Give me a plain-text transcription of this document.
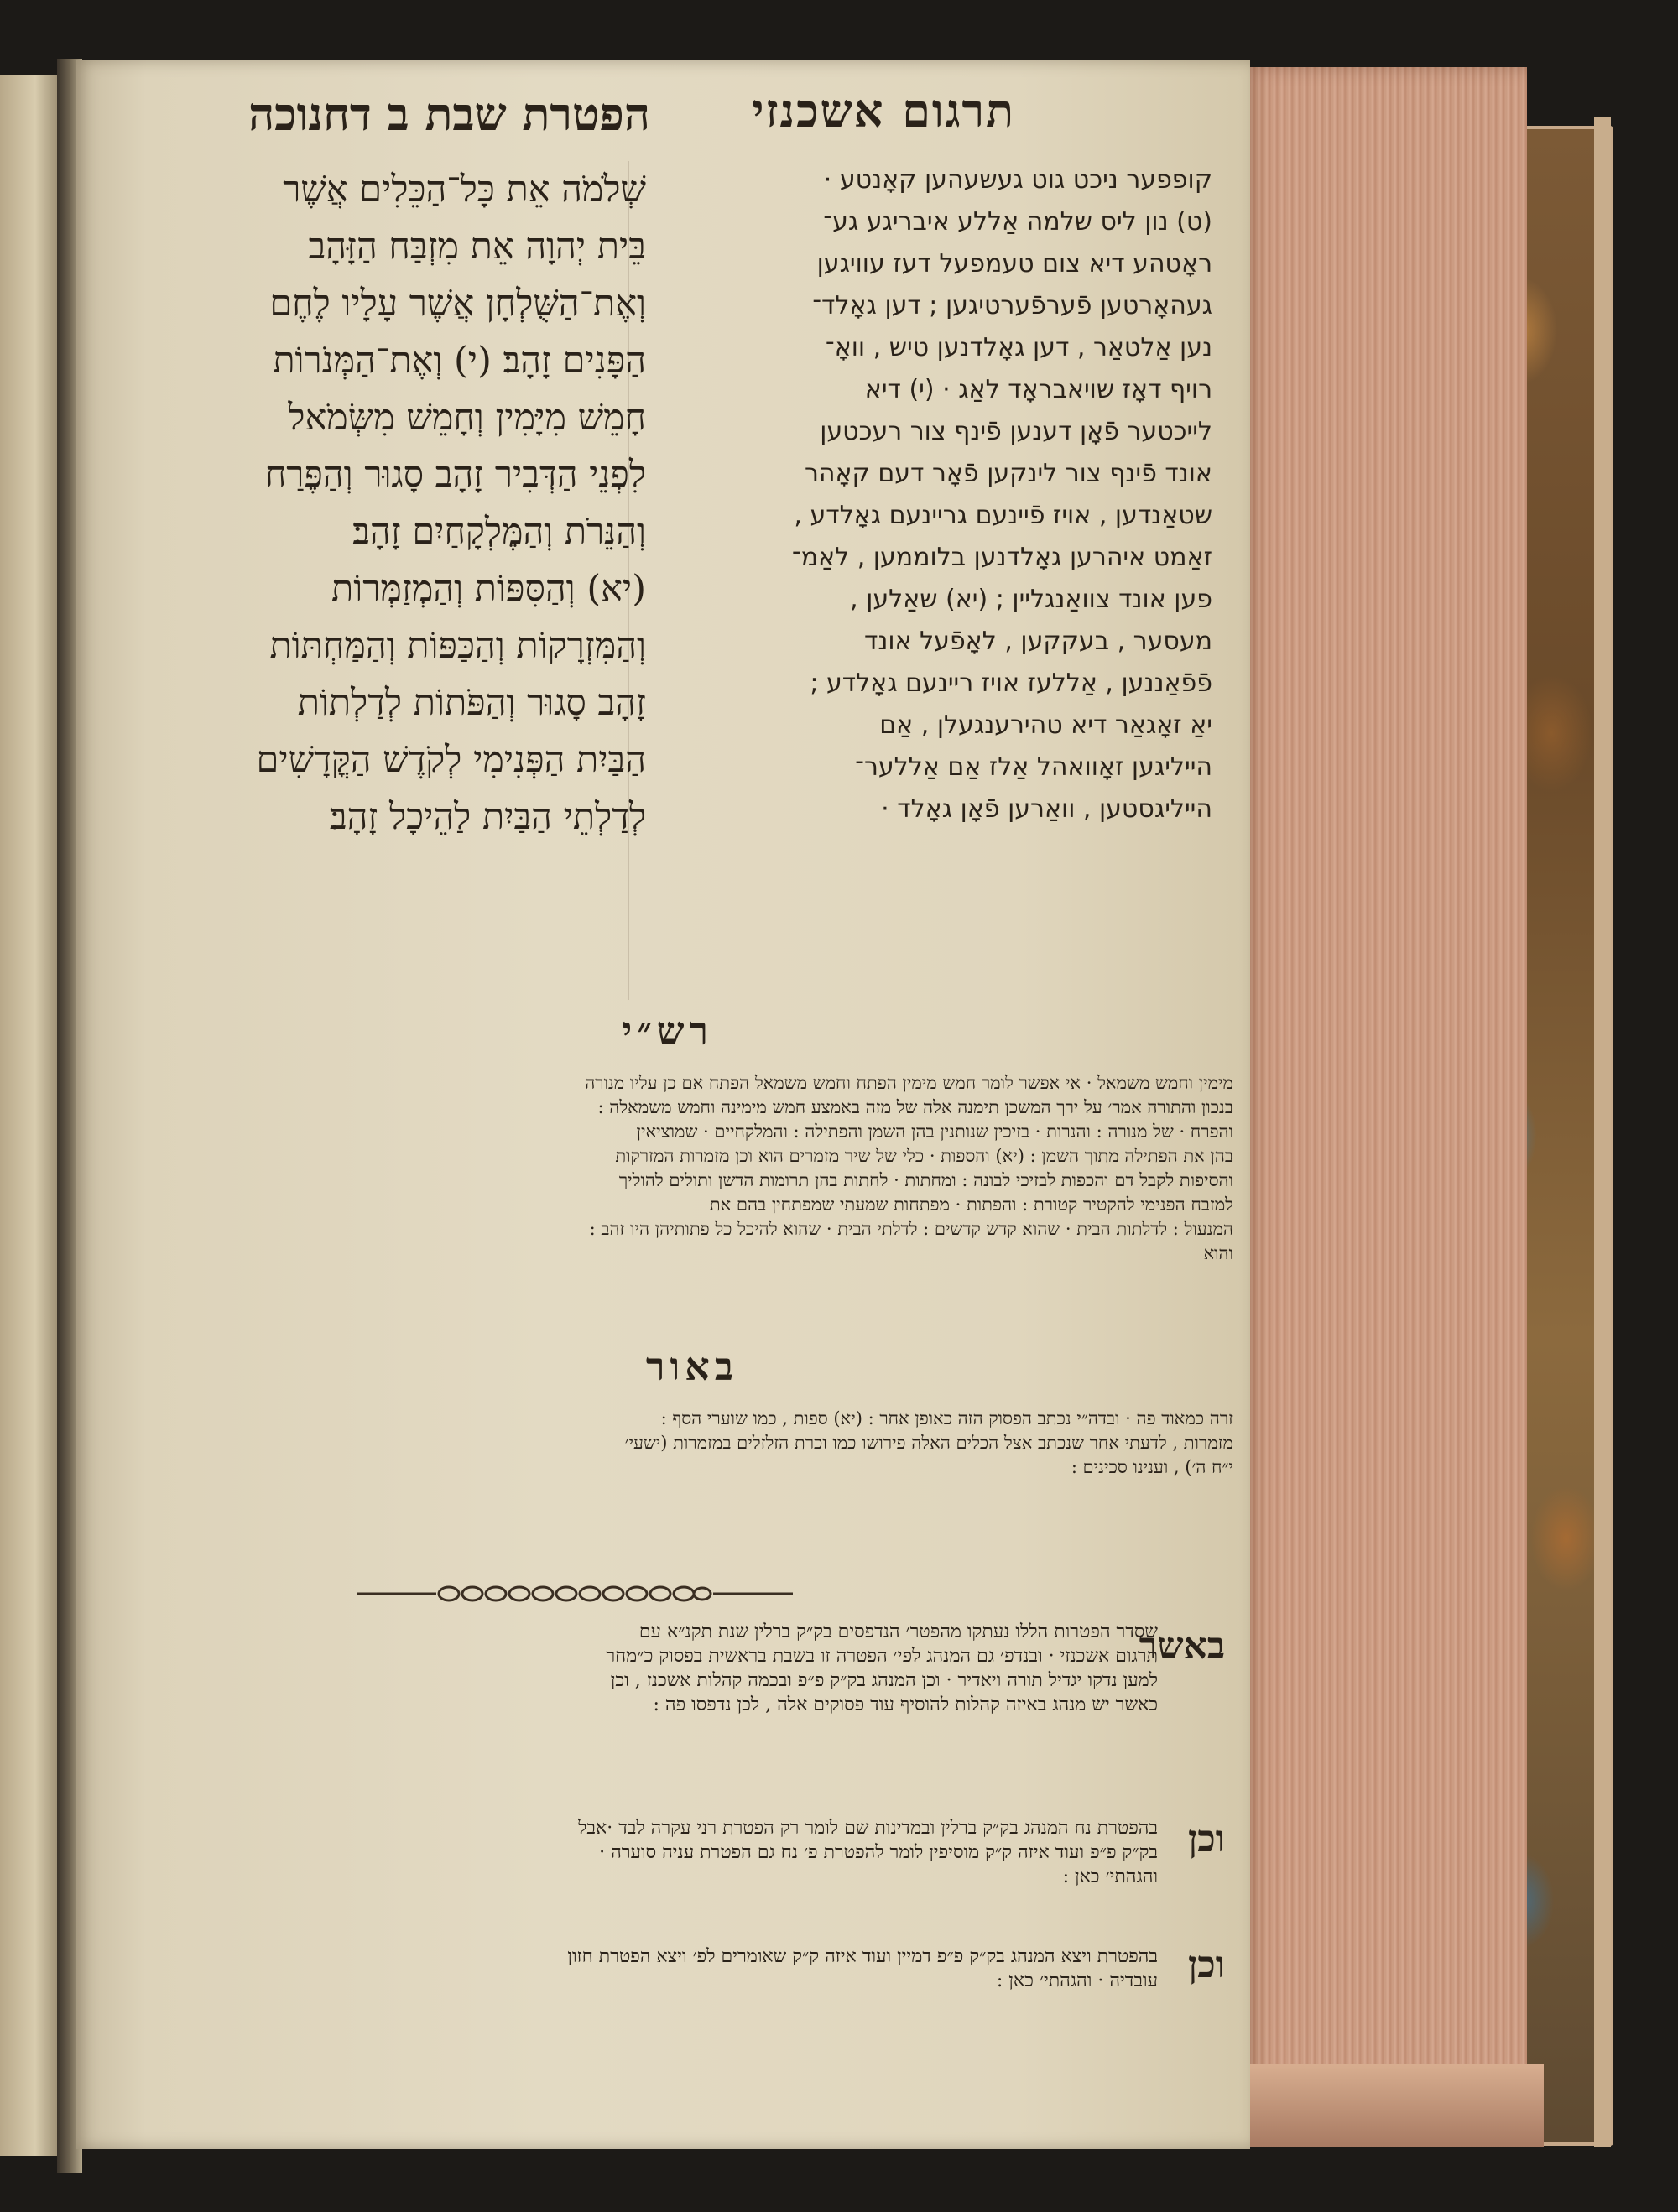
תרגום אשכנזי
הפטרת שבת ב דחנוכה
קופפער ניכט גוט געשעהען קאָנטע ·
(ט) נון ליס שלמה אַללע איבריגע גע־
ראָטהע דיא צום טעמפעל דעז עוויגען
געהאָרטען פֿערפֿערטיגען ; דען גאָלד־
נען אַלטאַר , דען גאָלדנען טיש , וואָ־
רויף דאָז שויאבראָד לאַג · (י) דיא
לייכטער פֿאָן דענען פֿינף צור רעכטען
אונד פֿינף צור לינקען פֿאָר דעם קאָהר
שטאַנדען , אויז פֿיינעם גריינעם גאָלדע ,
זאַמט איהרען גאָלדנען בלוממען , לאַמ־
פען אונד צוואַנגליין ; (יא) שאַלען ,
מעסער , בעקקען , לאָפֿעל אונד
פֿפֿאַננען , אַללעז אויז ריינעם גאָלדע ;
יאַ זאָגאַר דיא טהירענגעלן , אַם
הייליגען זאָוואהל אַלז אַם אַללער־
הייליגסטען , וואַרען פֿאָן גאָלד ·
שְׁלֹמֹה אֵת כָּל־הַכֵּלִים אֲשֶׁר
בֵּית יְהוָה אֵת מִזְבַּח הַזָּהָב
וְאֶת־הַשֻּׁלְחָן אֲשֶׁר עָלָיו לֶחֶם
הַפָּנִים זָהָב׃ (י) וְאֶת־הַמְּנֹרוֹת
חָמֵשׁ מִיָּמִין וְחָמֵשׁ מִשְּׂמֹאל
לִפְנֵי הַדְּבִיר זָהָב סָגוּר וְהַפֶּרַח
וְהַנֵּרֹת וְהַמֶּלְקָחַיִם זָהָב׃
(יא) וְהַסִּפּוֹת וְהַמְזַמְּרוֹת
וְהַמִּזְרָקוֹת וְהַכַּפּוֹת וְהַמַּחְתּוֹת
זָהָב סָגוּר וְהַפֹּתוֹת לְדַלְתוֹת
הַבַּיִת הַפְּנִימִי לְקֹדֶשׁ הַקֳּדָשִׁים
לְדַלְתֵי הַבַּיִת לַהֵיכָל זָהָב׃
רש״י
מימין וחמש משמאל · אי אפשר לומר חמש מימין הפתח וחמש משמאל הפתח אם כן עליו מנורה
בנכון והתורה אמר׳ על ירך המשכן תימנה אלה של מזה באמצע חמש מימינה וחמש משמאלה :
והפרח · של מנורה : והנרות · בזיכין שנותנין בהן השמן והפתילה : והמלקחיים · שמוציאין
בהן את הפתילה מתוך השמן : (יא) והספות · כלי של שיר מזמרים הוא וכן מזמרות המזרקות
והסיפות לקבל דם והכפות לבזיכי לבונה : ומחתות · לחתות בהן תרומות הדשן ותולים להוליך
למזבח הפנימי להקטיר קטורת : והפתות · מפתחות שמעתי שמפתחין בהם את
המנעול : לדלתות הבית · שהוא קדש קדשים : לדלתי הבית · שהוא להיכל כל פתותיהן היו זהב :
והוא
באור
זרה כמאוד פה · ובדה״י נכתב הפסוק הזה כאופן אחר : (יא) ספות , כמו שוערי הסף :
מזמרות , לדעתי אחר שנכתב אצל הכלים האלה פירושו כמו וכרת הזלזלים במזמרות (ישעי׳
י״ח ה׳) , וענינו סכינים :
באשר
שסדר הפטרות הללו נעתקו מהפטר׳ הנדפסים בק״ק ברלין שנת תקנ״א עם
תרגום אשכנזי · ובנדפ׳ גם המנהג לפי׳ הפטרה זו בשבת בראשית בפסוק כ״מחר
למען נדקו יגדיל תורה ויאדיר · וכן המנהג בק״ק פ״פ ובכמה קהלות אשכנז , וכן
כאשר יש מנהג באיזה קהלות להוסיף עוד פסוקים אלה , לכן נדפסו פה :
וכן
בהפטרת נח המנהג בק״ק ברלין ובמדינות שם לומר רק הפטרת רני עקרה לבד ·אבל
בק״ק פ״פ ועוד איזה ק״ק מוסיפין לומר להפטרת פ׳ נח גם הפטרת עניה סוערה ·
והגהתי׳ כאן :
וכן
בהפטרת ויצא המנהג בק״ק פ״פ דמיין ועוד איזה ק״ק שאומרים לפ׳ ויצא הפטרת חזון
עובדיה · והגהתי׳ כאן :
